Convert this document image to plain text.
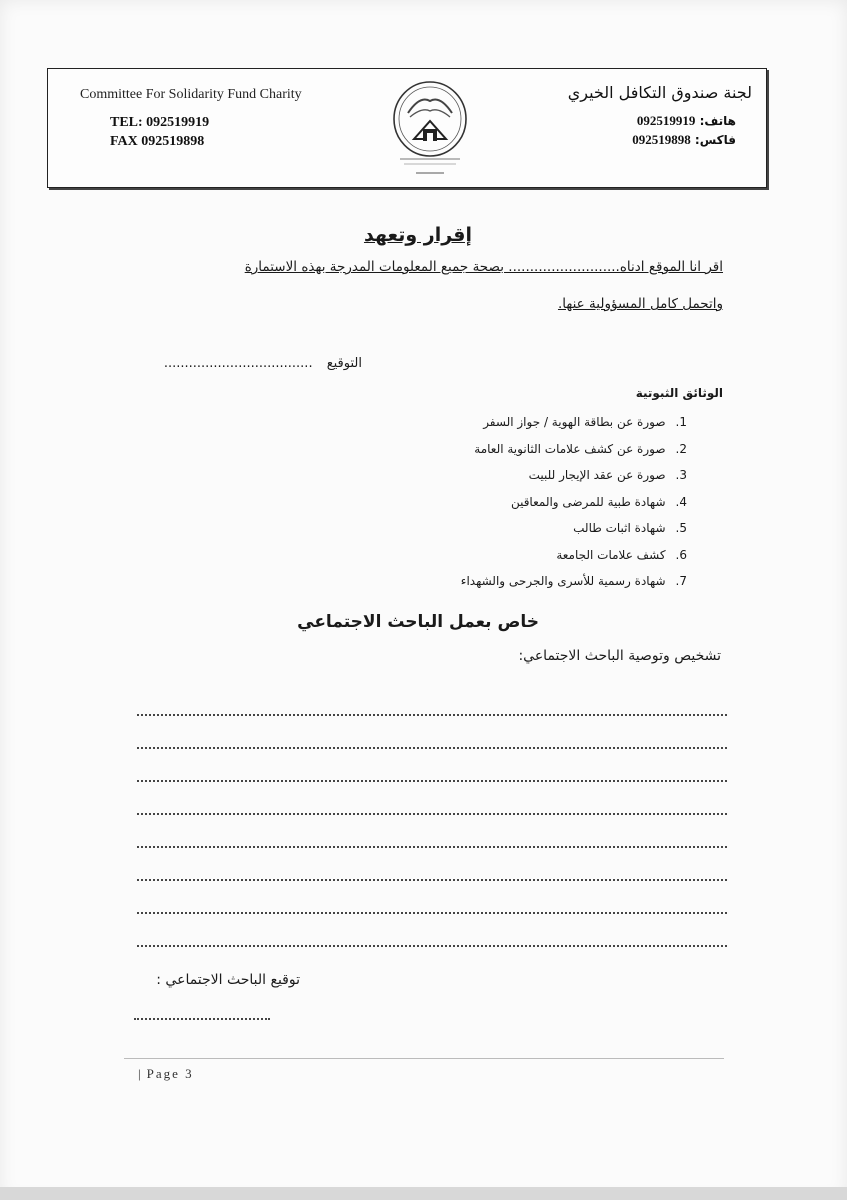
Committee For Solidarity Fund Charity
TEL: 092519919
FAX 092519898
لجنة صندوق التكافل الخيري
هاتف: 092519919
فاكس: 092519898
إقرار وتعهد
اقر انا الموقع ادناه.......................... بصحة جميع المعلومات المدرجة بهذه الاستمارة
واتحمل كامل المسؤولية عنها.
التوقيع ....................................
الوثائق الثبوتية
1.صورة عن بطاقة الهوية / جواز السفر
2.صورة عن كشف علامات الثانوية العامة
3.صورة عن عقد الإيجار للبيت
4.شهادة طبية للمرضى والمعاقين
5.شهادة اثبات طالب
6.كشف علامات الجامعة
7.شهادة رسمية للأسرى والجرحى والشهداء
خاص بعمل الباحث الاجتماعي
تشخيص وتوصية الباحث الاجتماعي:
توقيع الباحث الاجتماعي :
| Page 3
